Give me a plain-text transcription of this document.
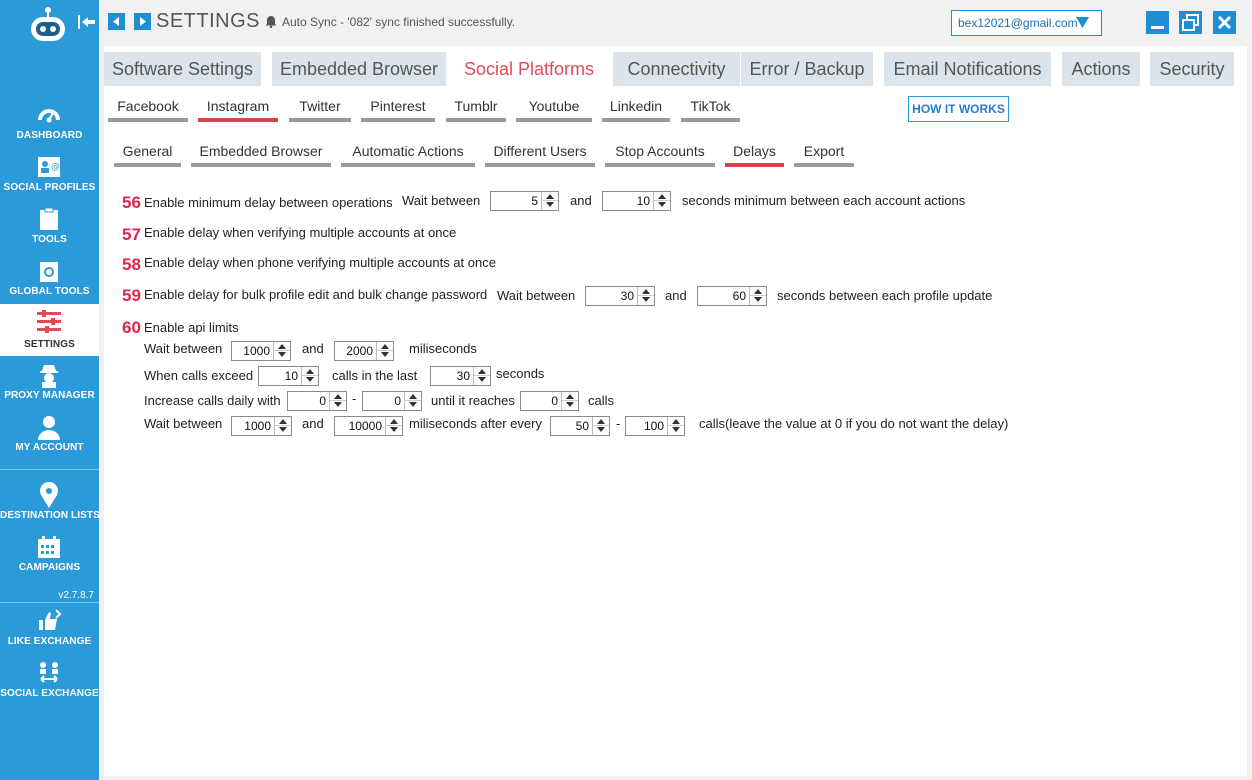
DASHBOARD
@
SOCIAL PROFILES
TOOLS
GLOBAL TOOLS
SETTINGS
PROXY MANAGER
MY ACCOUNT
DESTINATION LISTS
CAMPAIGNS
v2.7.8.7
LIKE EXCHANGE
SOCIAL EXCHANGE
SETTINGS	Auto Sync - '082' sync finished successfully.	bex12021@gmail.com
Software Settings	Embedded Browser	Social Platforms	Connectivity	Error / Backup	Email Notifications	Actions	Security
Facebook	Instagram	Twitter	Pinterest	Tumblr	Youtube	Linkedin	TikTok	HOW IT WORKS
General	Embedded Browser	Automatic Actions	Different Users	Stop Accounts	Delays	Export
56 Enable minimum delay between operations Wait between	5 and	10 seconds minimum between each account actions
57 Enable delay when verifying multiple accounts at once
58 Enable delay when phone verifying multiple accounts at once
59 Enable delay for bulk profile edit and bulk change password Wait between	30 and	60 seconds between each profile update
60 Enable api limits
Wait between 1000 and 2000	miliseconds
When calls exceed	10	calls in the last	30 seconds
Increase calls daily with	0 -	0 until it reaches	0 calls
Wait between 1000 and 10000 miliseconds after every	50 - 100	calls(leave the value at 0 if you do not want the delay)
